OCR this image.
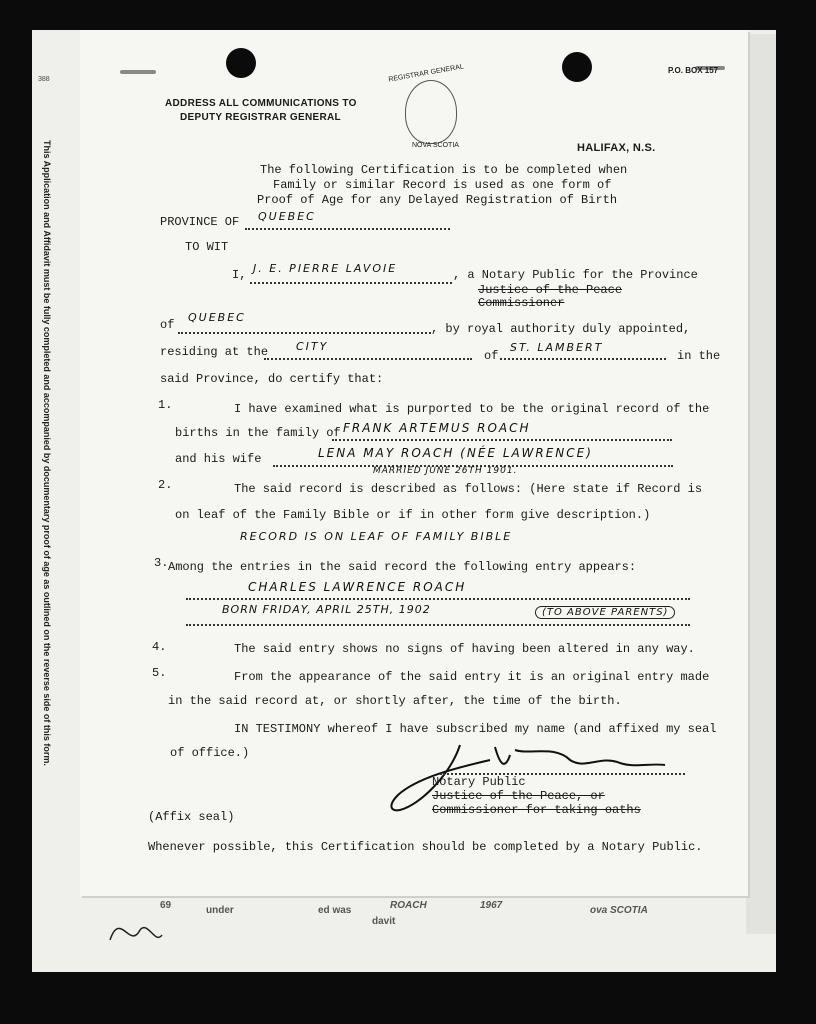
This Application and Affidavit must be fully completed and accompanied by documentary proof of age as outlined on the reverse side of this form.
388
under	ed was
davit
ROACH	1967	ova SCOTIA
69
P.O. BOX 157
ADDRESS ALL COMMUNICATIONS TO
DEPUTY REGISTRAR GENERAL
REGISTRAR GENERAL
NOVA SCOTIA	HALIFAX, N.S.
The following Certification is to be completed when
Family or similar Record is used as one form of
Proof of Age for any Delayed Registration of Birth
PROVINCE OF QUEBEC
TO WIT
I, J. E. PIERRE LAVOIE	, a Notary Public for the Province
Justice of the Peace
Commissioner
of
QUEBEC
, by royal authority duly appointed,
residing at the	CITY
of
ST. LAMBERT
in the
said Province, do certify that:
1.	I have examined what is purported to be the original record of the
births in the family of FRANK ARTEMUS ROACH
and his wife	LENA MAY ROACH (NÉE LAWRENCE)
MARRIED JUNE 26TH 1901.
2.	The said record is described as follows: (Here state if Record is
on leaf of the Family Bible or if in other form give description.)
RECORD IS ON LEAF OF FAMILY BIBLE
3. Among the entries in the said record the following entry appears:
CHARLES LAWRENCE ROACH
BORN FRIDAY, APRIL 25TH, 1902	(TO ABOVE PARENTS)
4.	The said entry shows no signs of having been altered in any way.
5.	From the appearance of the said entry it is an original entry made
in the said record at, or shortly after, the time of the birth.
IN TESTIMONY whereof I have subscribed my name (and affixed my seal
of office.)
Notary Public
Justice of the Peace, or
Commissioner for taking oaths
(Affix seal)
Whenever possible, this Certification should be completed by a Notary Public.
